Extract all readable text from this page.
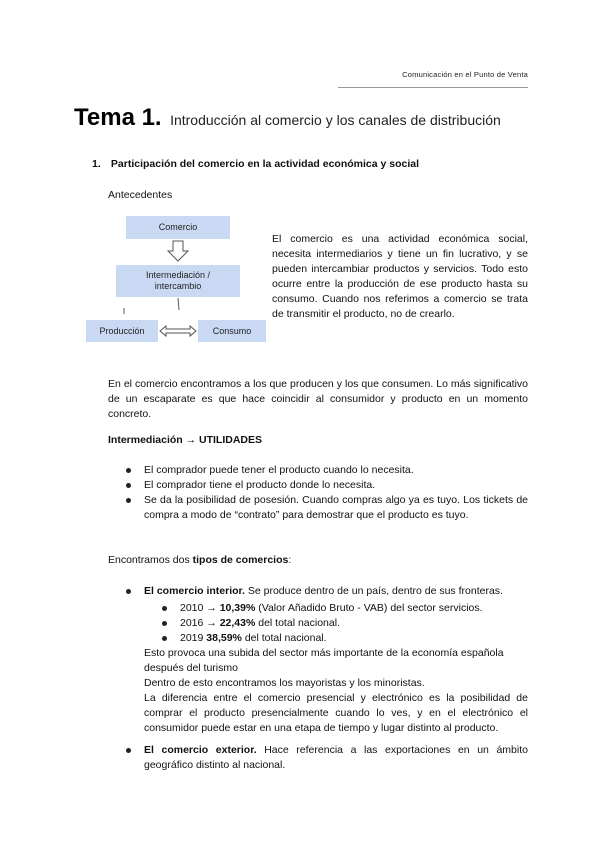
Comunicación en el Punto de Venta
Tema 1. Introducción al comercio y los canales de distribución
1. Participación del comercio en la actividad económica y social
Antecedentes
Comercio
Intermediación /
intercambio
Producción	Consumo
El comercio es una actividad económica social, necesita intermediarios y tiene un fin lucrativo, y se pueden intercambiar productos y servicios. Todo esto ocurre entre la producción de ese producto hasta su consumo. Cuando nos referimos a comercio se trata de transmitir el producto, no de crearlo.
En el comercio encontramos a los que producen y los que consumen. Lo más significativo de un escaparate es que hace coincidir al consumidor y producto en un momento concreto.
Intermediación → UTILIDADES
El comprador puede tener el producto cuando lo necesita.
El comprador tiene el producto donde lo necesita.
Se da la posibilidad de posesión. Cuando compras algo ya es tuyo. Los tickets de compra a modo de “contrato” para demostrar que el producto es tuyo.
Encontramos dos tipos de comercios:
El comercio interior. Se produce dentro de un país, dentro de sus fronteras.
2010 → 10,39% (Valor Añadido Bruto - VAB) del sector servicios.
2016 → 22,43% del total nacional.
2019 38,59% del total nacional.
Esto provoca una subida del sector más importante de la economía española después del turismo
Dentro de esto encontramos los mayoristas y los minoristas.
La diferencia entre el comercio presencial y electrónico es la posibilidad de comprar el producto presencialmente cuando lo ves, y en el electrónico el consumidor puede estar en una etapa de tiempo y lugar distinto al producto.
El comercio exterior. Hace referencia a las exportaciones en un ámbito geográfico distinto al nacional.
